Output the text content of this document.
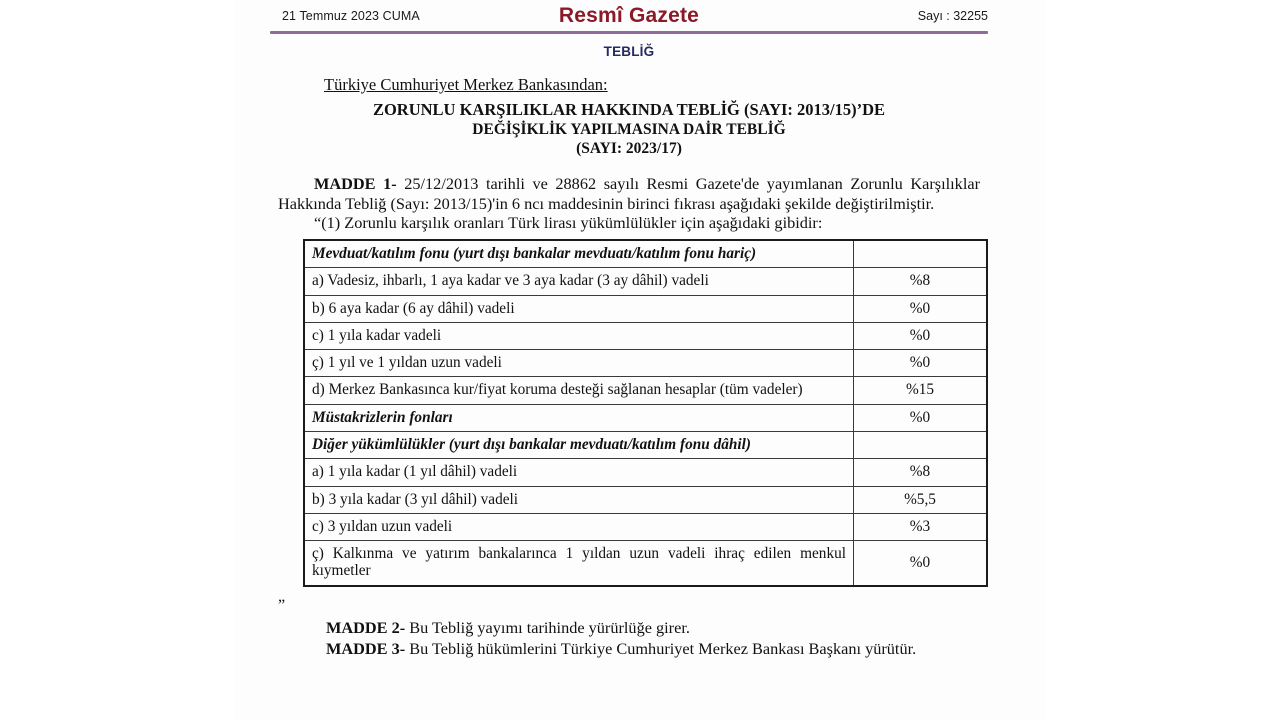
21 Temmuz 2023 CUMA	Resmî Gazete	Sayı : 32255
TEBLİĞ
Türkiye Cumhuriyet Merkez Bankasından:
ZORUNLU KARŞILIKLAR HAKKINDA TEBLİĞ (SAYI: 2013/15)’DE
DEĞİŞİKLİK YAPILMASINA DAİR TEBLİĞ
(SAYI: 2023/17)
MADDE 1- 25/12/2013 tarihli ve 28862 sayılı Resmi Gazete'de yayımlanan Zorunlu Karşılıklar Hakkında Tebliğ (Sayı: 2013/15)'in 6 ncı maddesinin birinci fıkrası aşağıdaki şekilde değiştirilmiştir.
“(1) Zorunlu karşılık oranları Türk lirası yükümlülükler için aşağıdaki gibidir:
Mevduat/katılım fonu (yurt dışı bankalar mevduatı/katılım fonu hariç)	
a) Vadesiz, ihbarlı, 1 aya kadar ve 3 aya kadar (3 ay dâhil) vadeli	%8
b) 6 aya kadar (6 ay dâhil) vadeli	%0
c) 1 yıla kadar vadeli	%0
ç) 1 yıl ve 1 yıldan uzun vadeli	%0
d) Merkez Bankasınca kur/fiyat koruma desteği sağlanan hesaplar (tüm vadeler)	%15
Müstakrizlerin fonları	%0
Diğer yükümlülükler (yurt dışı bankalar mevduatı/katılım fonu dâhil)	
a) 1 yıla kadar (1 yıl dâhil) vadeli	%8
b) 3 yıla kadar (3 yıl dâhil) vadeli	%5,5
c) 3 yıldan uzun vadeli	%3
ç) Kalkınma ve yatırım bankalarınca 1 yıldan uzun vadeli ihraç edilen menkul kıymetler	%0
”
MADDE 2- Bu Tebliğ yayımı tarihinde yürürlüğe girer.
MADDE 3- Bu Tebliğ hükümlerini Türkiye Cumhuriyet Merkez Bankası Başkanı yürütür.
